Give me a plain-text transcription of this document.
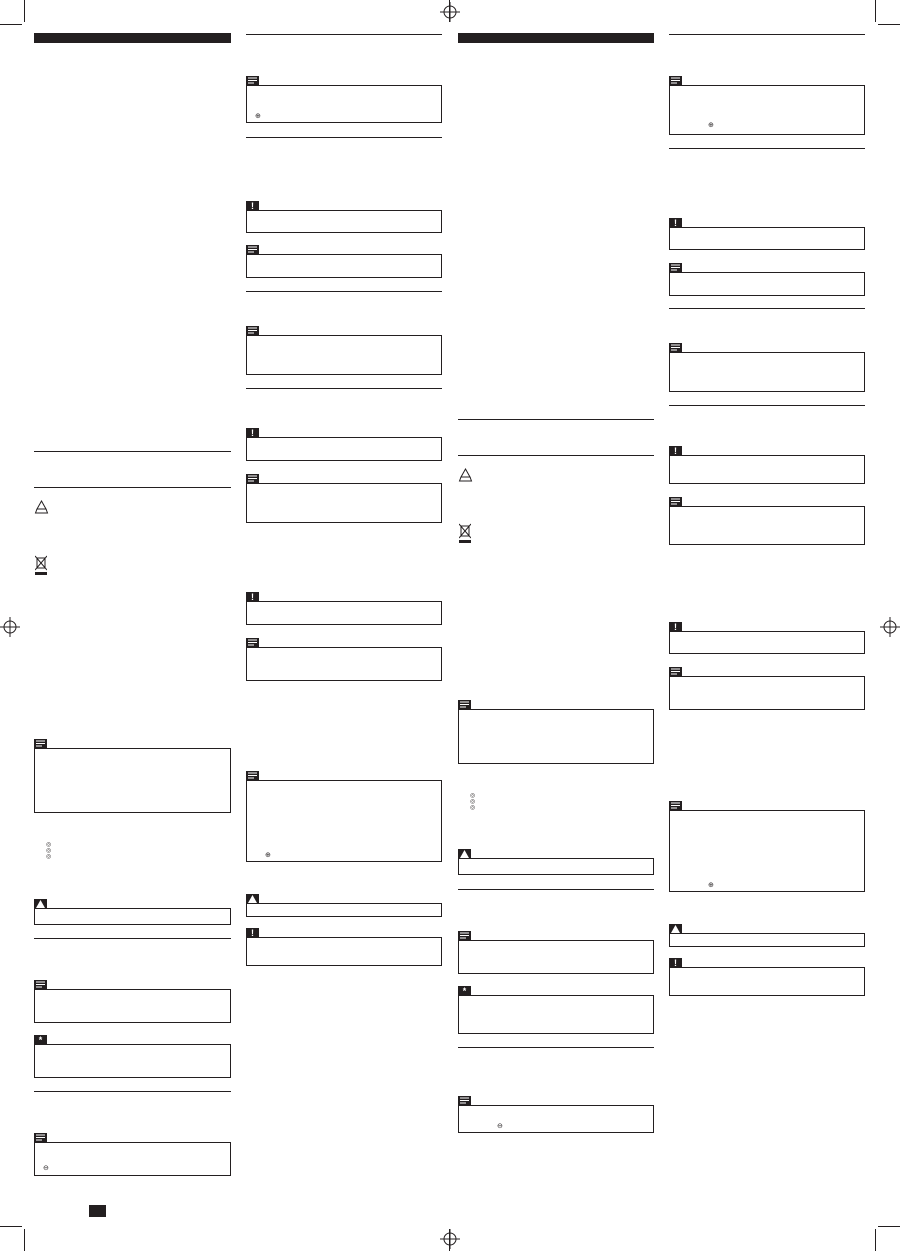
◎
◎
◎
*
⊖
⊕
!
!
!
⊕
!
◎
◎
◎
*
⊖
⊕
!
!
!
⊕
!
